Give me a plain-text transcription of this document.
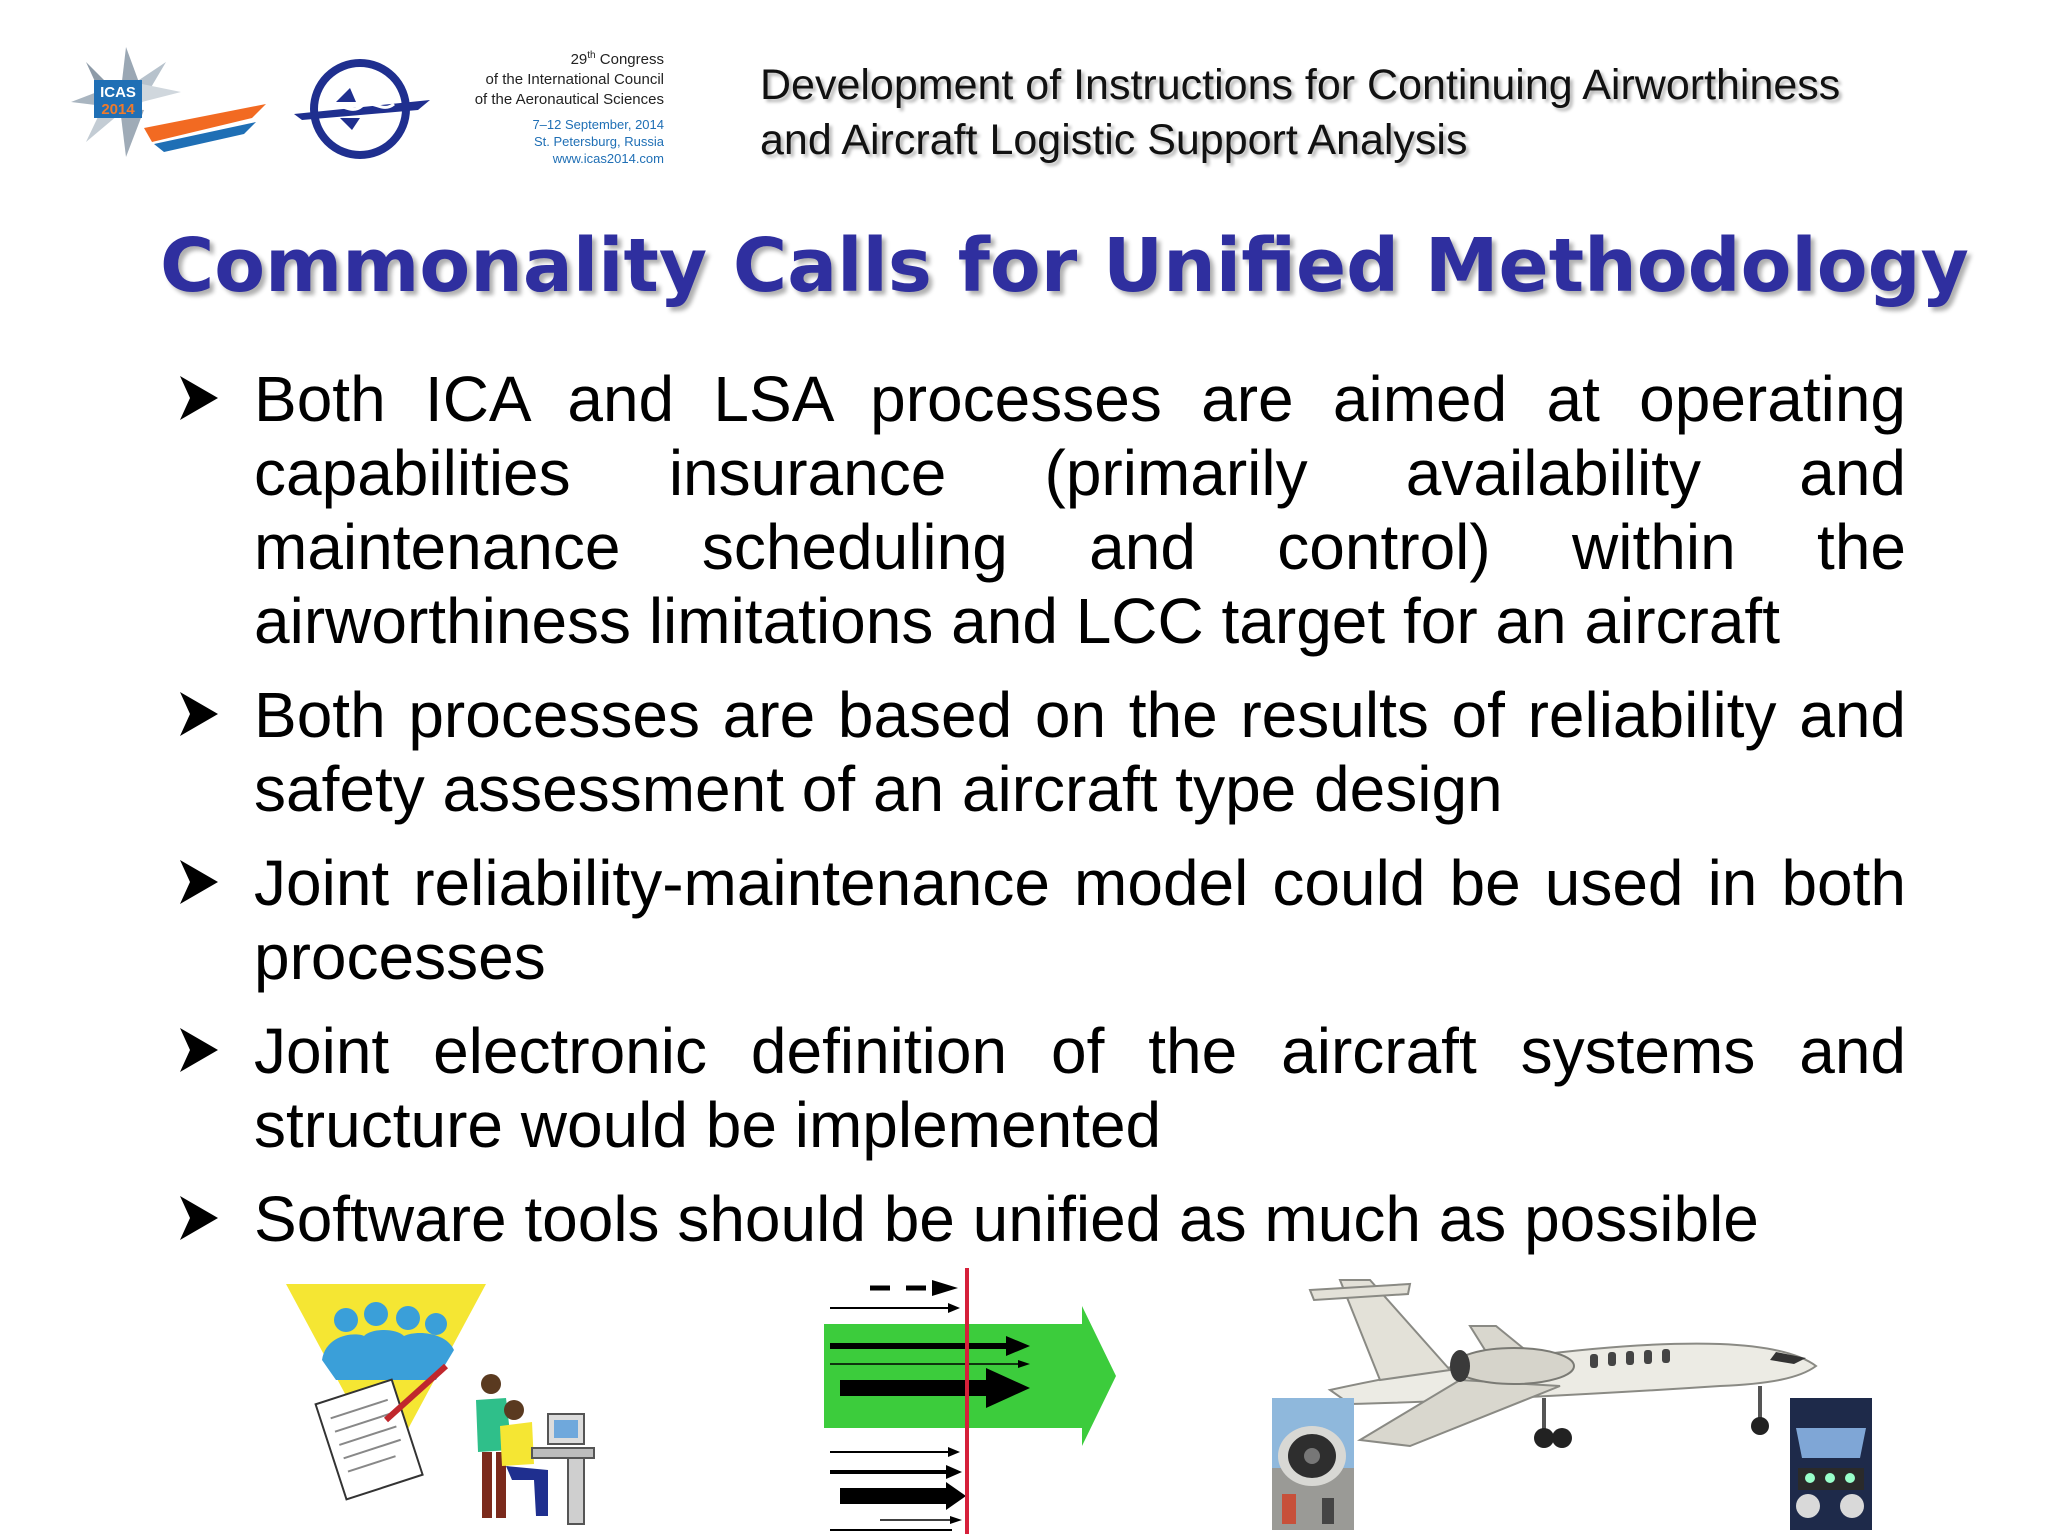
ICAS
2014
29th Congress
of the International Council
of the Aeronautical Sciences
7–12 September, 2014
St. Petersburg, Russia
www.icas2014.com
Development of Instructions for Continuing Airworthiness
and Aircraft Logistic Support Analysis
Commonality Calls for Unified Methodology
Both ICA and LSA processes are aimed at operating capabilities insurance (primarily availability and maintenance scheduling and control) within the airworthiness limitations and LCC target for an aircraft
Both processes are based on the results of reliability and safety assessment of an aircraft type design
Joint reliability-maintenance model could be used in both processes
Joint electronic definition of the aircraft systems and structure would be implemented
Software tools should be unified as much as possible
